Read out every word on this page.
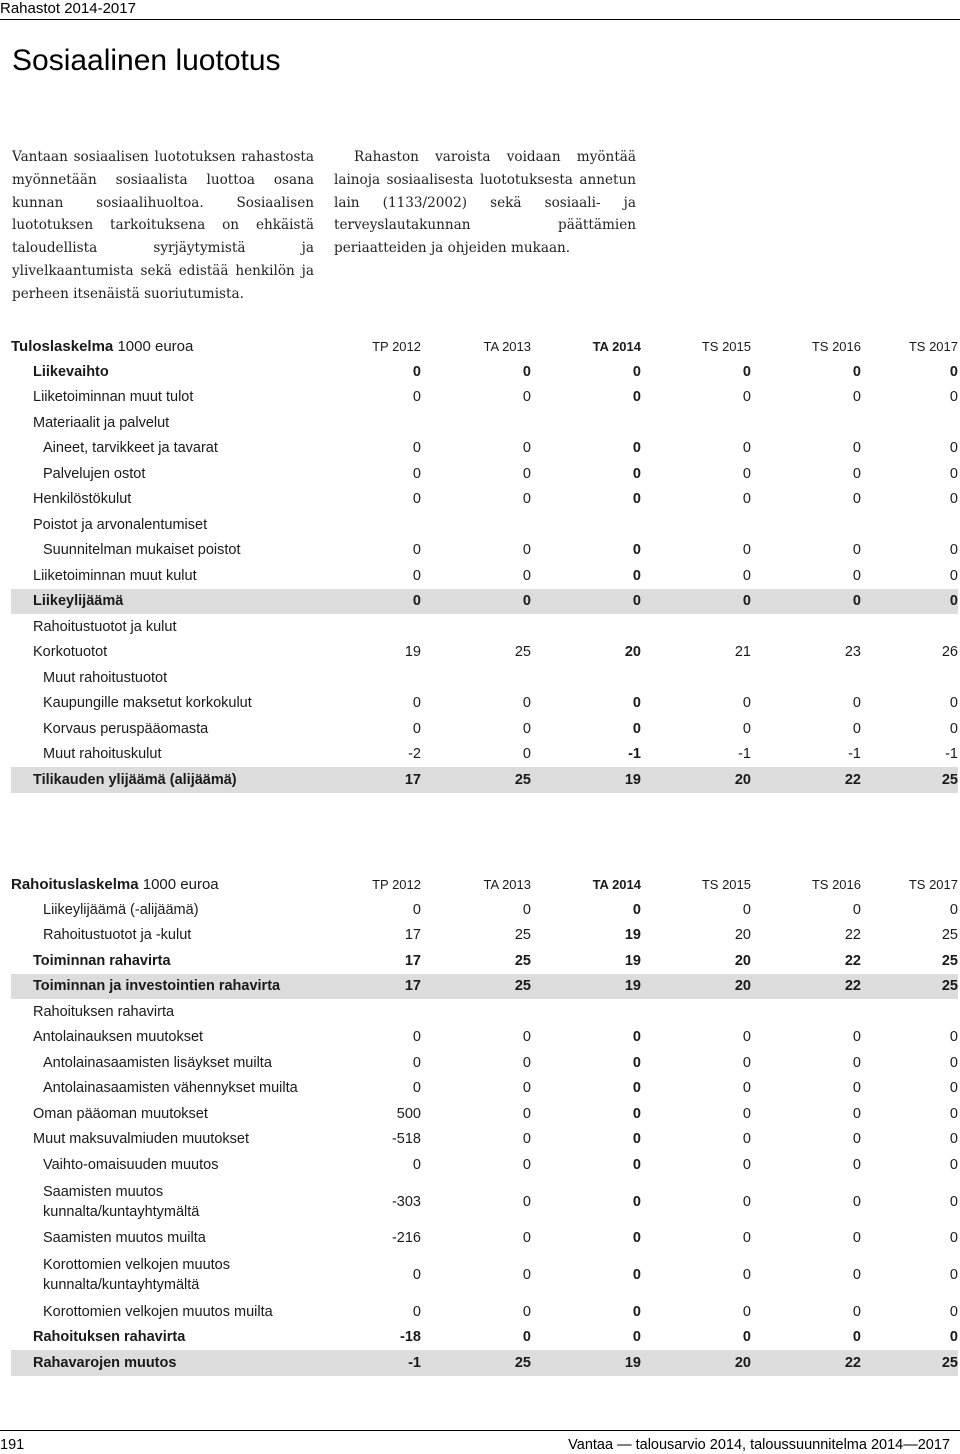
Rahastot 2014-2017
Sosiaalinen luototus

Vantaan sosiaalisen luototuksen rahastosta myönnetään sosiaalista luottoa osana kunnan sosiaalihuoltoa. Sosiaalisen luototuksen tarkoituksena on ehkäistä taloudellista syrjäytymistä ja ylivelkaantumista sekä edistää henkilön ja perheen itsenäistä suoriutumista.

Rahaston varoista voidaan myöntää lainoja sosiaalisesta luototuksesta annetun lain (1133/2002) sekä sosiaali- ja terveyslautakunnan päättämien periaatteiden ja ohjeiden mukaan.

Tuloslaskelma 1000 euroa	TP 2012	TA 2013	TA 2014	TS 2015	TS 2016	TS 2017
Liikevaihto	0	0	0	0	0	0
Liiketoiminnan muut tulot	0	0	0	0	0	0
Materiaalit ja palvelut						
Aineet, tarvikkeet ja tavarat	0	0	0	0	0	0
Palvelujen ostot	0	0	0	0	0	0
Henkilöstökulut	0	0	0	0	0	0
Poistot ja arvonalentumiset						
Suunnitelman mukaiset poistot	0	0	0	0	0	0
Liiketoiminnan muut kulut	0	0	0	0	0	0
Liikeylijäämä	0	0	0	0	0	0
Rahoitustuotot ja kulut						
Korkotuotot	19	25	20	21	23	26
Muut rahoitustuotot						
Kaupungille maksetut korkokulut	0	0	0	0	0	0
Korvaus peruspääomasta	0	0	0	0	0	0
Muut rahoituskulut	-2	0	-1	-1	-1	-1
Tilikauden ylijäämä (alijäämä)	17	25	19	20	22	25
Rahoituslaskelma 1000 euroa	TP 2012	TA 2013	TA 2014	TS 2015	TS 2016	TS 2017
Liikeylijäämä (-alijäämä)	0	0	0	0	0	0
Rahoitustuotot ja -kulut	17	25	19	20	22	25
Toiminnan rahavirta	17	25	19	20	22	25
Toiminnan ja investointien rahavirta	17	25	19	20	22	25
Rahoituksen rahavirta						
Antolainauksen muutokset	0	0	0	0	0	0
Antolainasaamisten lisäykset muilta	0	0	0	0	0	0
Antolainasaamisten vähennykset muilta	0	0	0	0	0	0
Oman pääoman muutokset	500	0	0	0	0	0
Muut maksuvalmiuden muutokset	-518	0	0	0	0	0
Vaihto-omaisuuden muutos	0	0	0	0	0	0
Saamisten muutos kunnalta/kuntayhtymältä	-303	0	0	0	0	0
Saamisten muutos muilta	-216	0	0	0	0	0
Korottomien velkojen muutos kunnalta/kuntayhtymältä	0	0	0	0	0	0
Korottomien velkojen muutos muilta	0	0	0	0	0	0
Rahoituksen rahavirta	-18	0	0	0	0	0
Rahavarojen muutos	-1	25	19	20	22	25
191	Vantaa — talousarvio 2014, taloussuunnitelma 2014—2017
